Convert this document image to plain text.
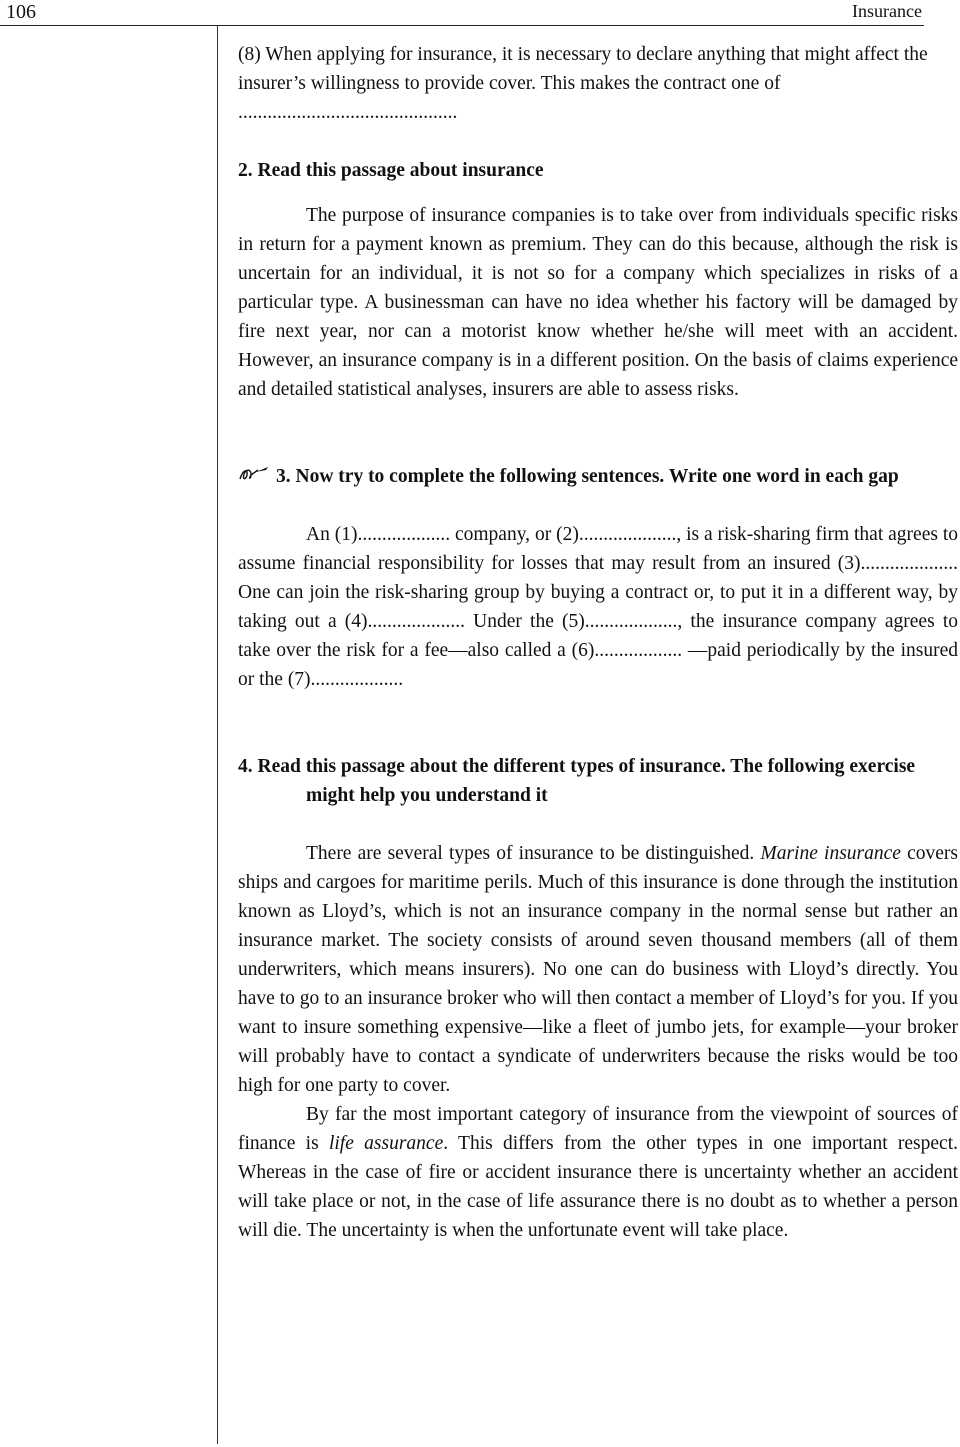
106	Insurance

(8) When applying for insurance, it is necessary to declare anything that might affect the insurer’s willingness to provide cover. This makes the contract one of
.............................................

2. Read this passage about insurance

The purpose of insurance companies is to take over from individuals specific risks in return for a payment known as premium. They can do this because, although the risk is uncertain for an individual, it is not so for a company which specializes in risks of a particular type. A businessman can have no idea whether his factory will be damaged by fire next year, nor can a motorist know whether he/she will meet with an accident. However, an insurance company is in a different position. On the basis of claims experience and detailed statistical analyses, insurers are able to assess risks.

3. Now try to complete the following sentences. Write one word in each gap

An (1)................... company, or (2)...................., is a risk-sharing firm that agrees to assume financial responsibility for losses that may result from an insured (3).................... One can join the risk-sharing group by buying a contract or, to put it in a different way, by taking out a (4).................... Under the (5)..................., the insurance company agrees to take over the risk for a fee—also called a (6).................. —paid periodically by the insured or the (7)...................

4. Read this passage about the different types of insurance. The following exercise might help you understand it

There are several types of insurance to be distinguished. Marine insurance covers ships and cargoes for maritime perils. Much of this insurance is done through the institution known as Lloyd’s, which is not an insurance company in the normal sense but rather an insurance market. The society consists of around seven thousand members (all of them underwriters, which means insurers). No one can do business with Lloyd’s directly. You have to go to an insurance broker who will then contact a member of Lloyd’s for you. If you want to insure something expensive—like a fleet of jumbo jets, for example—your broker will probably have to contact a syndicate of underwriters because the risks would be too high for one party to cover.

By far the most important category of insurance from the viewpoint of sources of finance is life assurance. This differs from the other types in one important respect. Whereas in the case of fire or accident insurance there is uncertainty whether an accident will take place or not, in the case of life assurance there is no doubt as to whether a person will die. The uncertainty is when the unfortunate event will take place.
